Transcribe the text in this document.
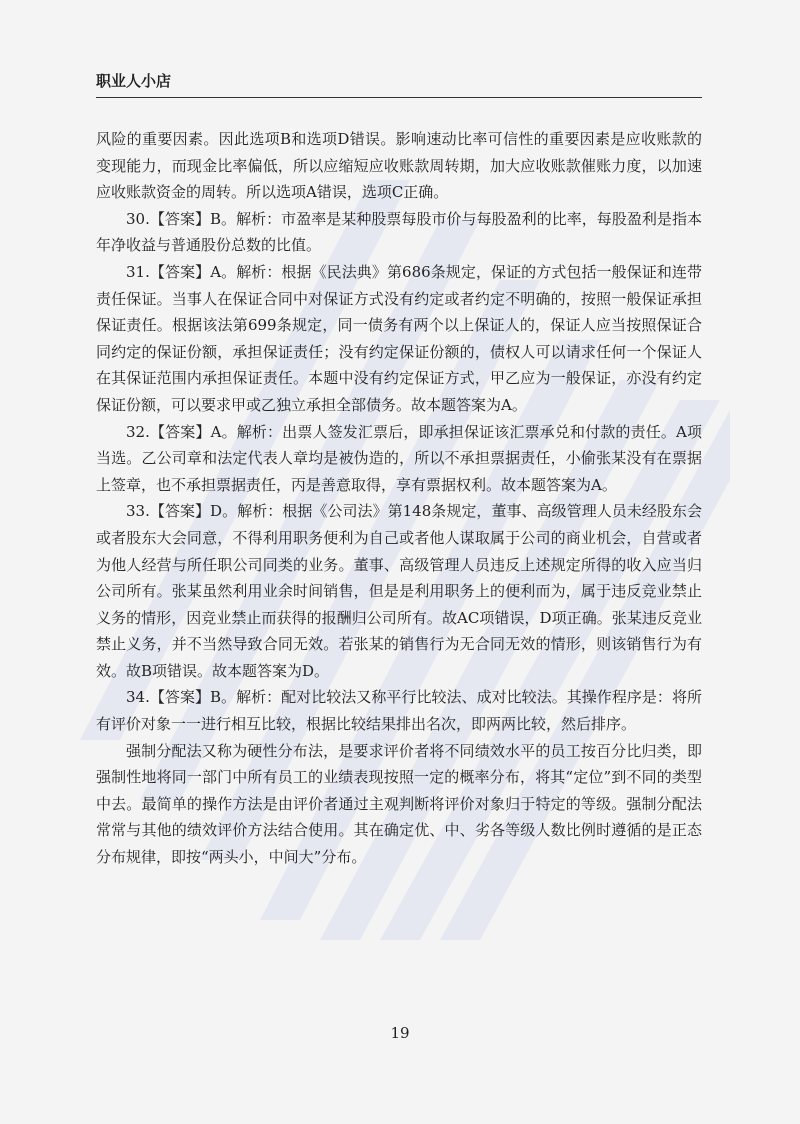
职业人小店

风险的重要因素。因此选项B和选项D错误。影响速动比率可信性的重要因素是应收账款的变现能力，而现金比率偏低，所以应缩短应收账款周转期，加大应收账款催账力度，以加速应收账款资金的周转。所以选项A错误，选项C正确。

30.【答案】B。解析：市盈率是某种股票每股市价与每股盈利的比率，每股盈利是指本年净收益与普通股份总数的比值。

31.【答案】A。解析：根据《民法典》第686条规定，保证的方式包括一般保证和连带责任保证。当事人在保证合同中对保证方式没有约定或者约定不明确的，按照一般保证承担保证责任。根据该法第699条规定，同一债务有两个以上保证人的，保证人应当按照保证合同约定的保证份额，承担保证责任；没有约定保证份额的，债权人可以请求任何一个保证人在其保证范围内承担保证责任。本题中没有约定保证方式，甲乙应为一般保证，亦没有约定保证份额，可以要求甲或乙独立承担全部债务。故本题答案为A。

32.【答案】A。解析：出票人签发汇票后，即承担保证该汇票承兑和付款的责任。A项当选。乙公司章和法定代表人章均是被伪造的，所以不承担票据责任，小偷张某没有在票据上签章，也不承担票据责任，丙是善意取得，享有票据权利。故本题答案为A。

33.【答案】D。解析：根据《公司法》第148条规定，董事、高级管理人员未经股东会或者股东大会同意，不得利用职务便利为自己或者他人谋取属于公司的商业机会，自营或者为他人经营与所任职公司同类的业务。董事、高级管理人员违反上述规定所得的收入应当归公司所有。张某虽然利用业余时间销售，但是是利用职务上的便利而为，属于违反竞业禁止义务的情形，因竞业禁止而获得的报酬归公司所有。故AC项错误，D项正确。张某违反竞业禁止义务，并不当然导致合同无效。若张某的销售行为无合同无效的情形，则该销售行为有效。故B项错误。故本题答案为D。

34.【答案】B。解析：配对比较法又称平行比较法、成对比较法。其操作程序是：将所有评价对象一一进行相互比较，根据比较结果排出名次，即两两比较，然后排序。

强制分配法又称为硬性分布法，是要求评价者将不同绩效水平的员工按百分比归类，即强制性地将同一部门中所有员工的业绩表现按照一定的概率分布，将其“定位”到不同的类型中去。最简单的操作方法是由评价者通过主观判断将评价对象归于特定的等级。强制分配法常常与其他的绩效评价方法结合使用。其在确定优、中、劣各等级人数比例时遵循的是正态分布规律，即按“两头小，中间大”分布。

19
